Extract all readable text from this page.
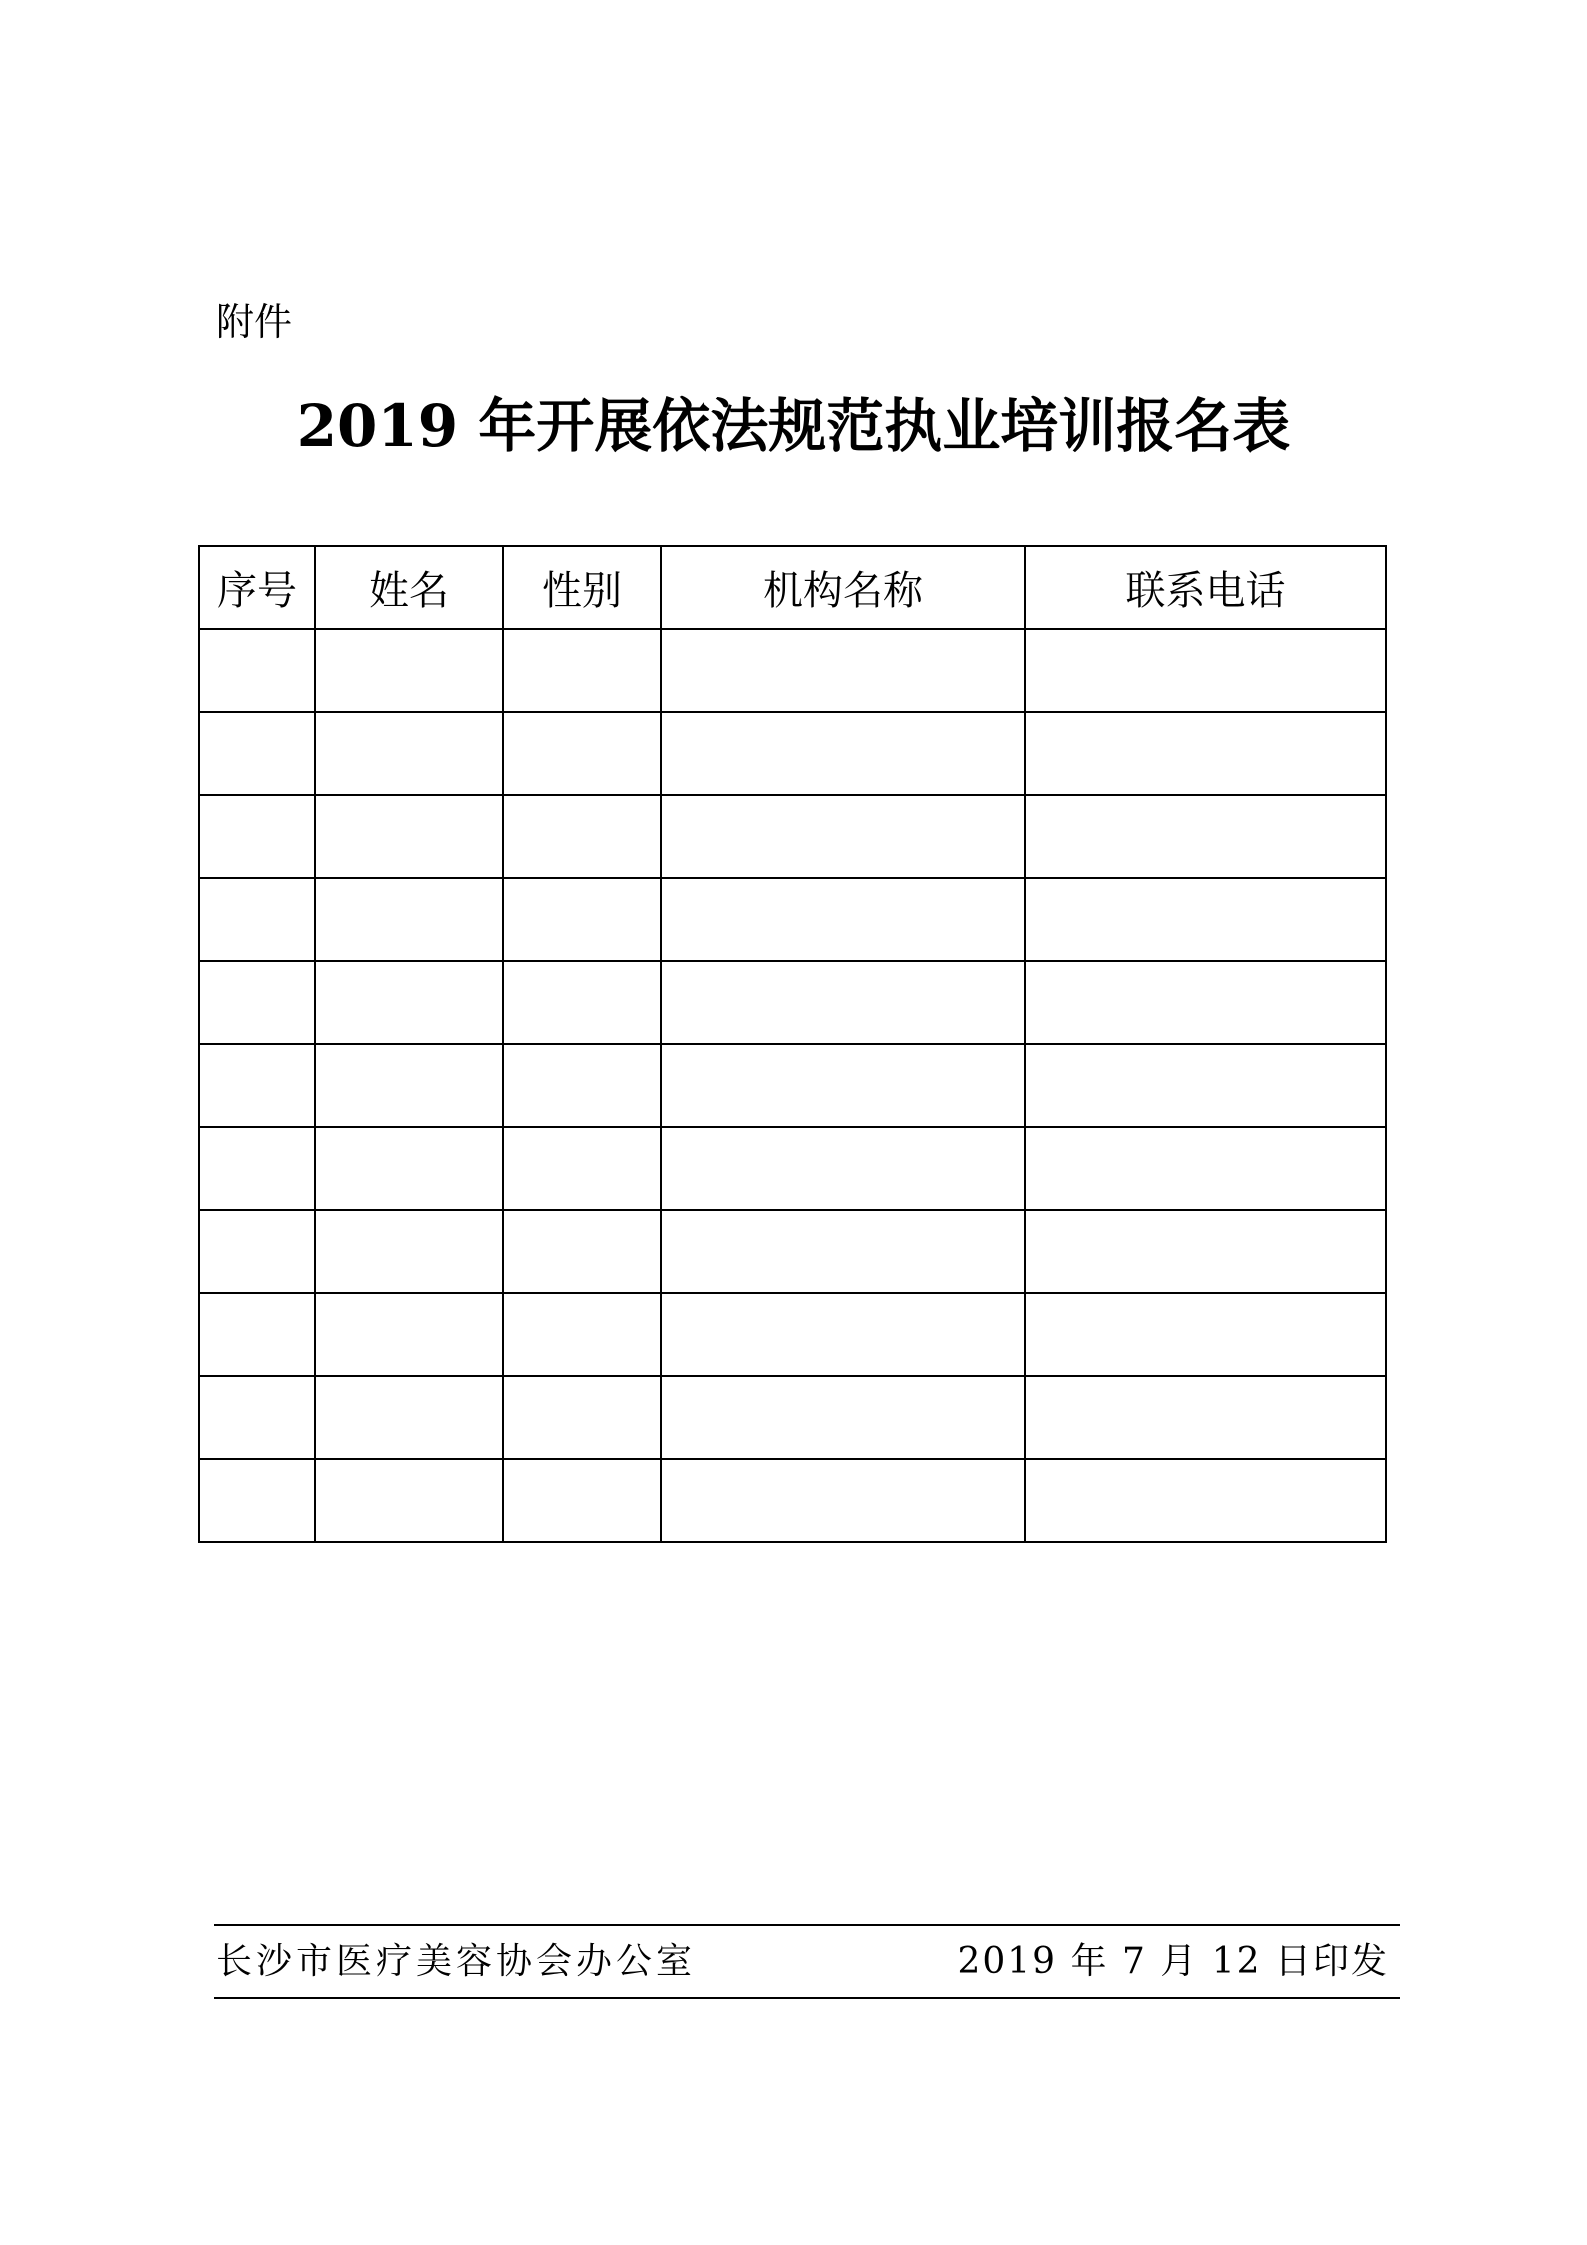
附件
2019 年开展依法规范执业培训报名表
序号	姓名	性别	机构名称	联系电话

长沙市医疗美容协会办公室	2019 年 7 月 12 日印发
